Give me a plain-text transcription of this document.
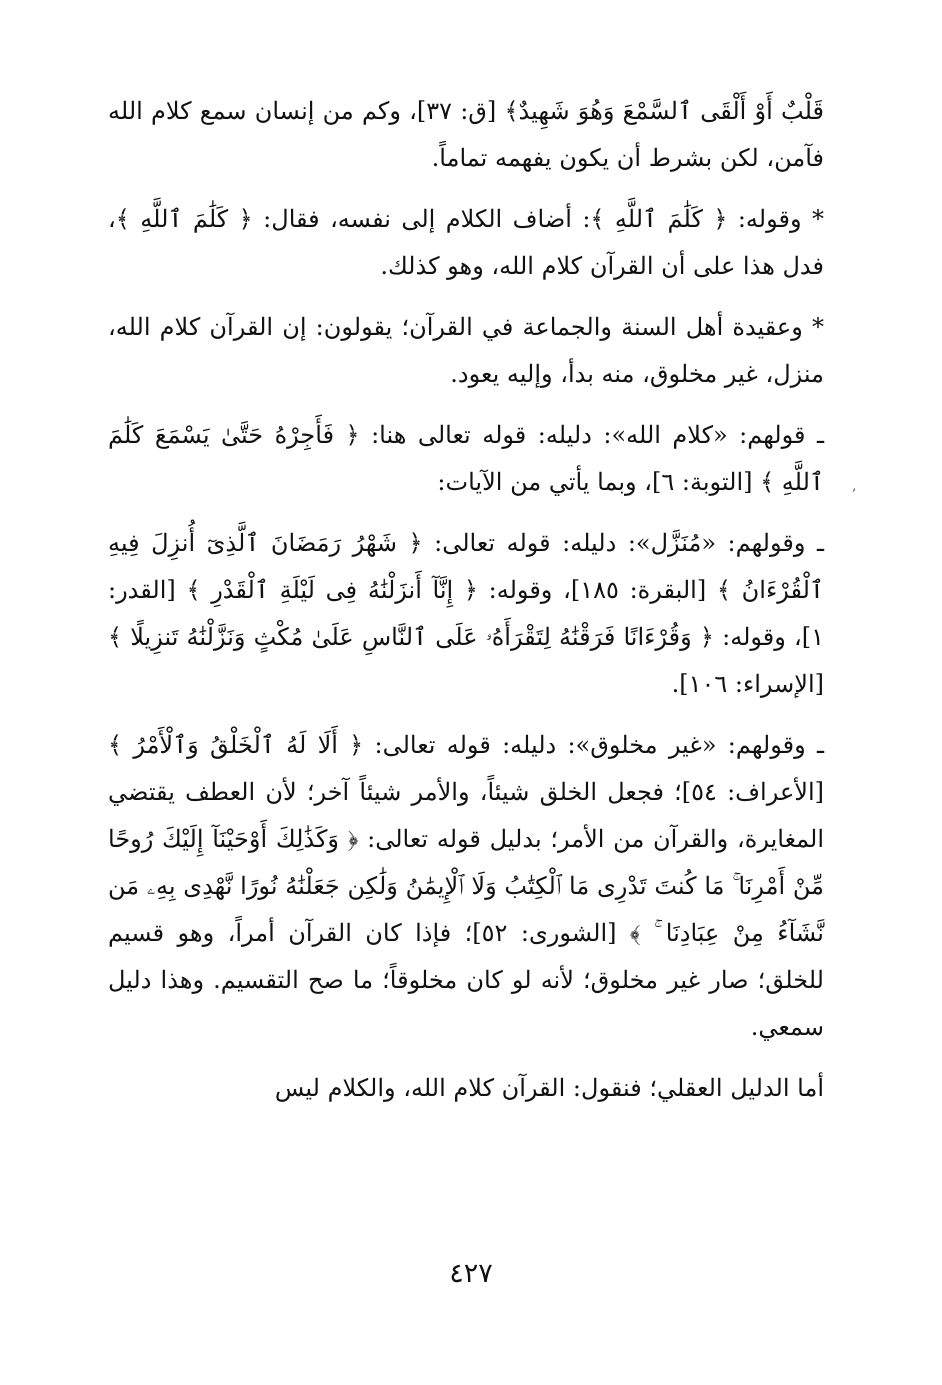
قَلْبٌ أَوْ أَلْقَى ٱلسَّمْعَ وَهُوَ شَهِيدٌ﴾ [ق: ٣٧]، وكم من إنسان سمع كلام الله فآمن، لكن بشرط أن يكون يفهمه تماماً.

* وقوله: ﴿ كَلَٰمَ ٱللَّهِ ﴾: أضاف الكلام إلى نفسه، فقال: ﴿ كَلَٰمَ ٱللَّهِ ﴾، فدل هذا على أن القرآن كلام الله، وهو كذلك.

* وعقيدة أهل السنة والجماعة في القرآن؛ يقولون: إن القرآن كلام الله، منزل، غير مخلوق، منه بدأ، وإليه يعود.

ـ قولهم: «كلام الله»: دليله: قوله تعالى هنا: ﴿ فَأَجِرْهُ حَتَّىٰ يَسْمَعَ كَلَٰمَ ٱللَّهِ ﴾ [التوبة: ٦]، وبما يأتي من الآيات:

ـ وقولهم: «مُنَزَّل»: دليله: قوله تعالى: ﴿ شَهْرُ رَمَضَانَ ٱلَّذِىٓ أُنزِلَ فِيهِ ٱلْقُرْءَانُ ﴾ [البقرة: ١٨٥]، وقوله: ﴿ إِنَّآ أَنزَلْنَٰهُ فِى لَيْلَةِ ٱلْقَدْرِ ﴾ [القدر: ١]، وقوله: ﴿ وَقُرْءَانًا فَرَقْنَٰهُ لِتَقْرَأَهُۥ عَلَى ٱلنَّاسِ عَلَىٰ مُكْثٍ وَنَزَّلْنَٰهُ تَنزِيلًا ﴾ [الإسراء: ١٠٦].

ـ وقولهم: «غير مخلوق»: دليله: قوله تعالى: ﴿ أَلَا لَهُ ٱلْخَلْقُ وَٱلْأَمْرُ ﴾ [الأعراف: ٥٤]؛ فجعل الخلق شيئاً، والأمر شيئاً آخر؛ لأن العطف يقتضي المغايرة، والقرآن من الأمر؛ بدليل قوله تعالى: ﴿ وَكَذَٰلِكَ أَوْحَيْنَآ إِلَيْكَ رُوحًا مِّنْ أَمْرِنَا ۚ مَا كُنتَ تَدْرِى مَا ٱلْكِتَٰبُ وَلَا ٱلْإِيمَٰنُ وَلَٰكِن جَعَلْنَٰهُ نُورًا نَّهْدِى بِهِۦ مَن نَّشَآءُ مِنْ عِبَادِنَا ۚ ﴾ [الشورى: ٥٢]؛ فإذا كان القرآن أمراً، وهو قسيم للخلق؛ صار غير مخلوق؛ لأنه لو كان مخلوقاً؛ ما صح التقسيم. وهذا دليل سمعي.

أما الدليل العقلي؛ فنقول: القرآن كلام الله، والكلام ليس

,
٤٢٧
